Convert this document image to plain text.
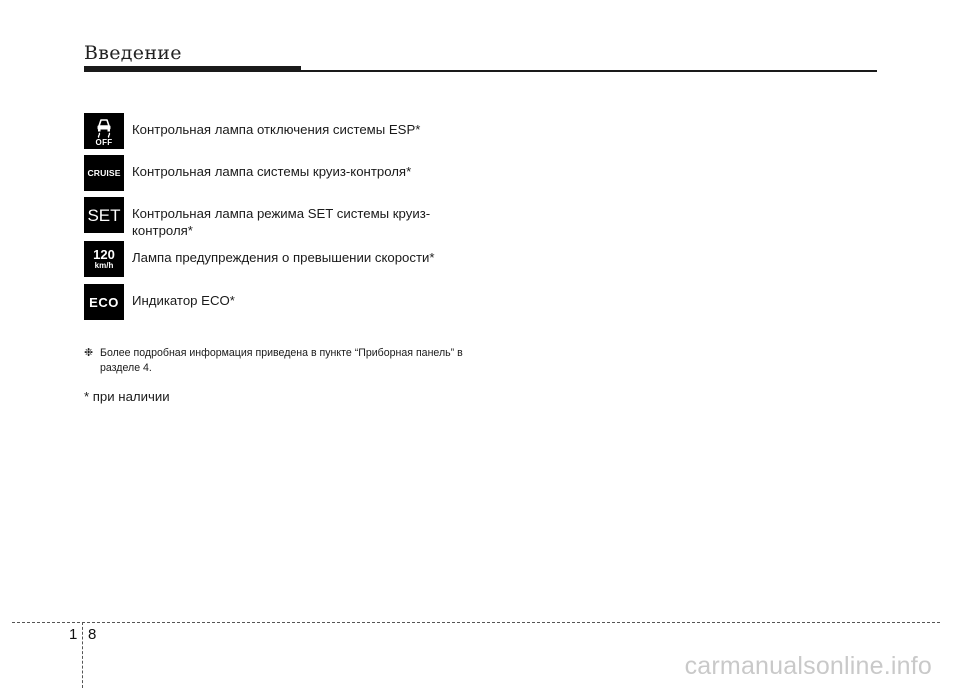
Введение
OFF
Контрольная лампа отключения системы ESP*
CRUISE Контрольная лампа системы круиз-контроля*
SET Контрольная лампа режима SET системы круиз-контроля*
120
km/h
Лампа предупреждения о превышении скорости*
ECO Индикатор ECO*
❉ Более подробная информация приведена в пункте “Приборная панель” в разделе 4.
* при наличии
1 8
carmanualsonline.info
